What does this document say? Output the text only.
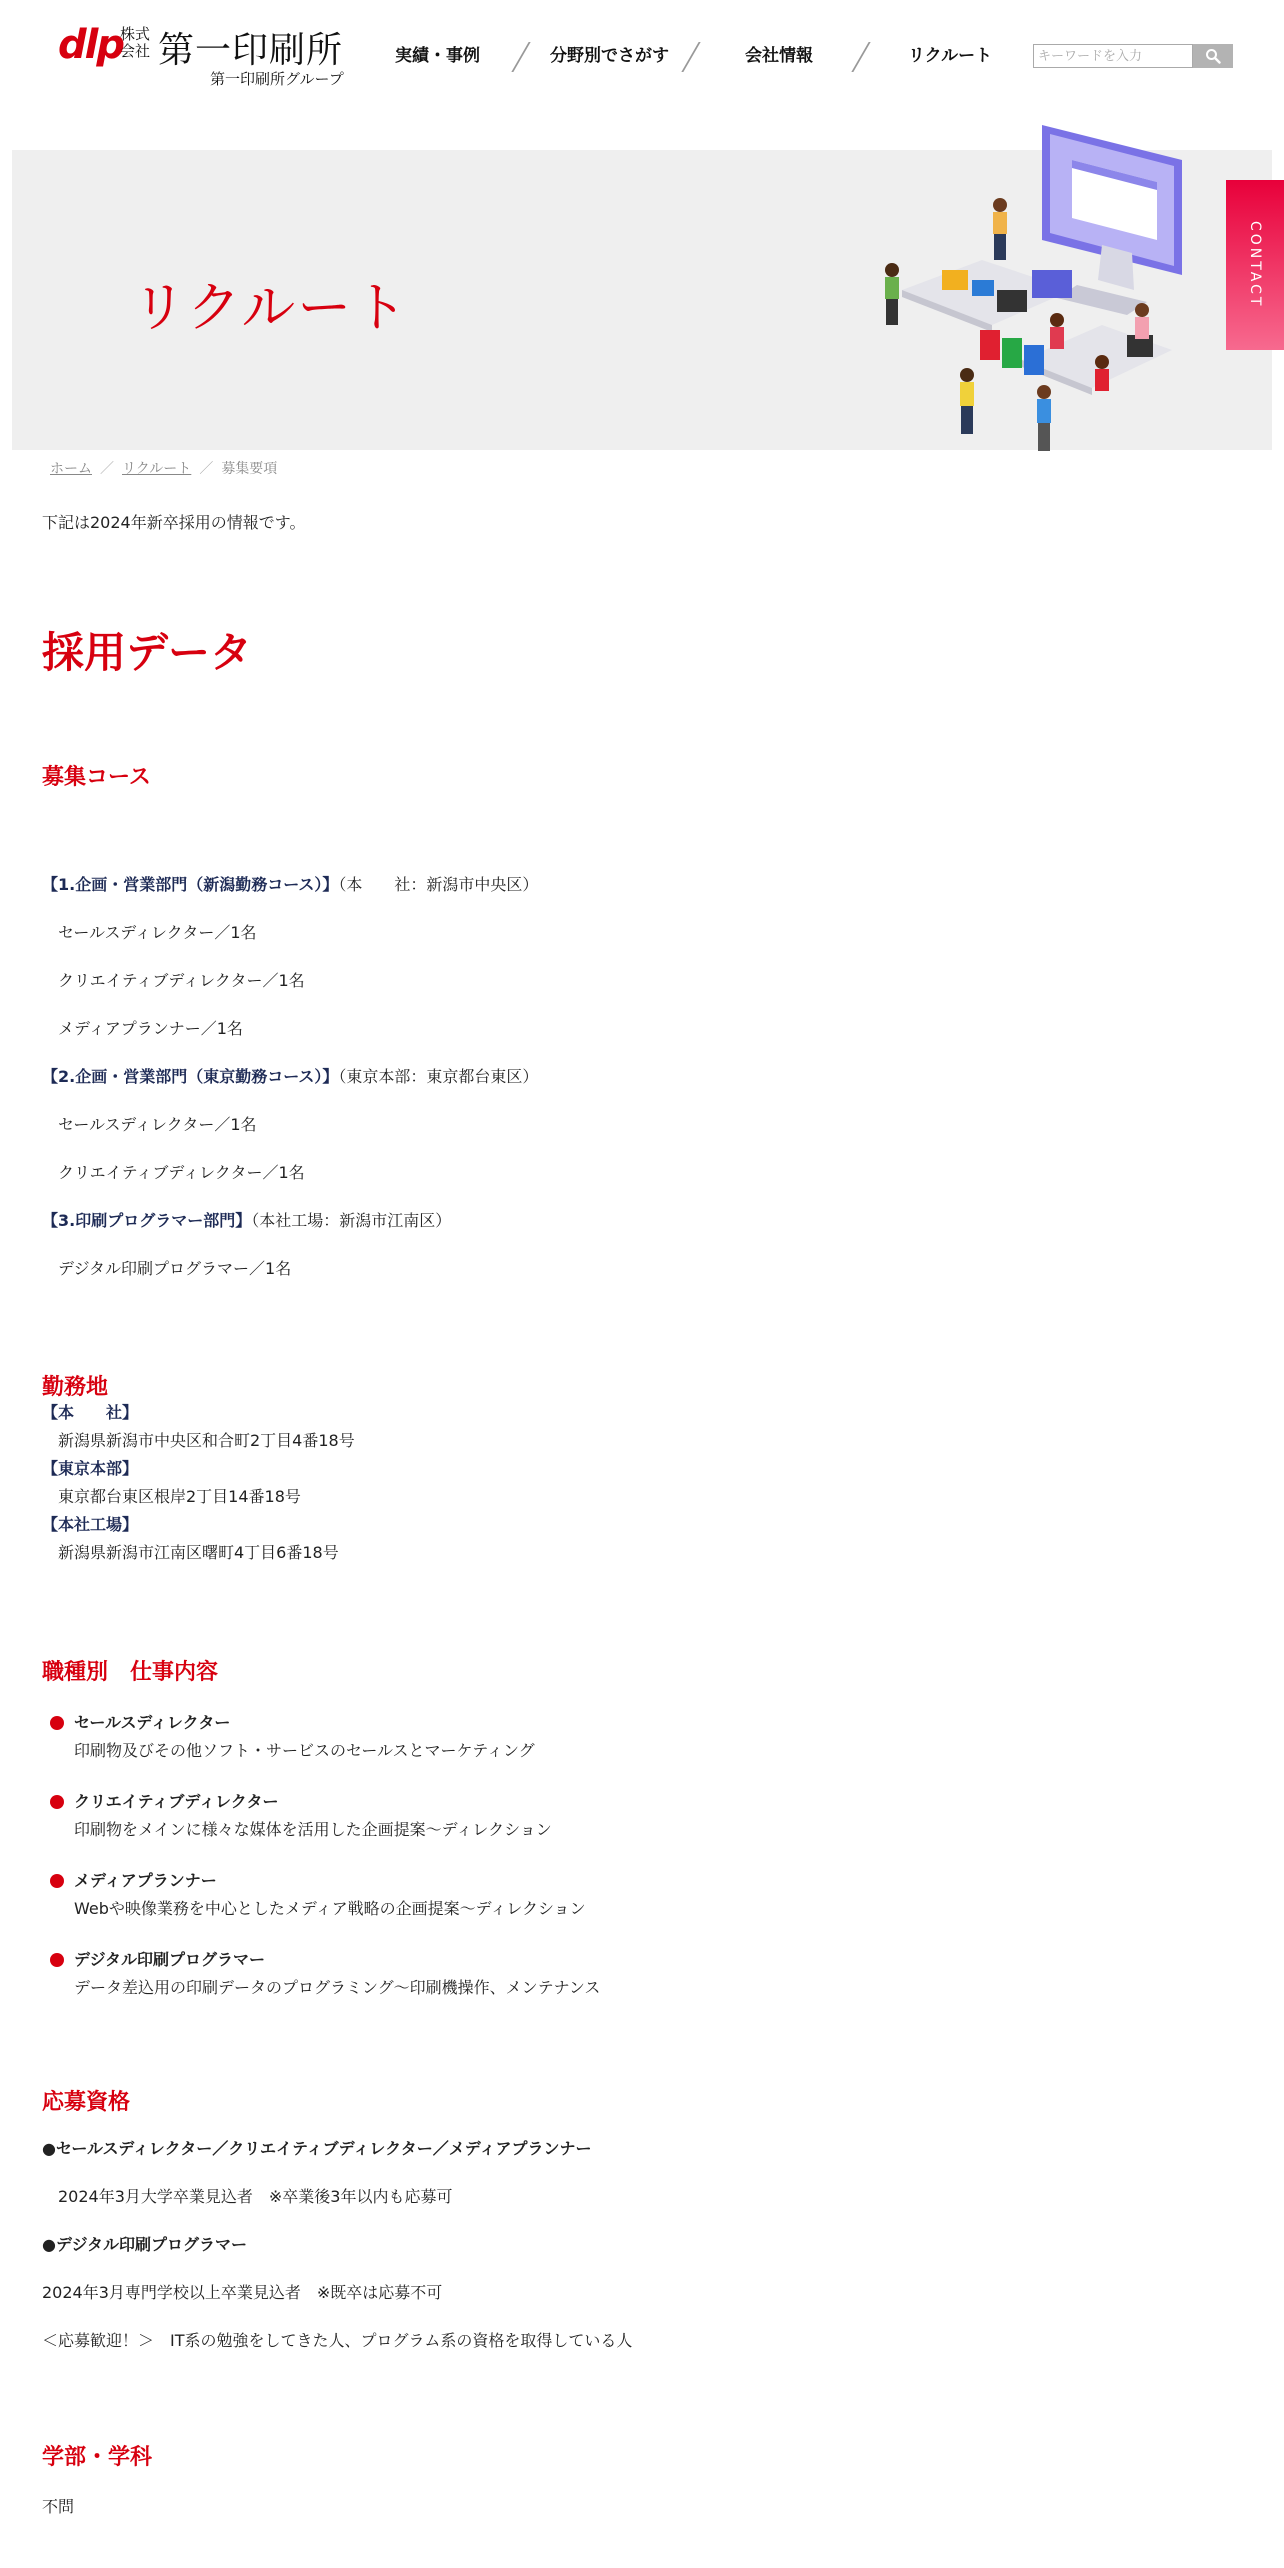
dlp
株式会社 第一印刷所
第一印刷所グループ
実績・事例	分野別でさがす	会社情報	リクルート
キーワードを入力
リクルート	CONTACT
ホーム ／ リクルート ／ 募集要項
下記は2024年新卒採用の情報です。
採用データ
募集コース
【1.企画・営業部門（新潟勤務コース）】（本　　社：新潟市中央区）
セールスディレクター／1名
クリエイティブディレクター／1名
メディアプランナー／1名
【2.企画・営業部門（東京勤務コース）】（東京本部：東京都台東区）
セールスディレクター／1名
クリエイティブディレクター／1名
【3.印刷プログラマー部門】（本社工場：新潟市江南区）
デジタル印刷プログラマー／1名
勤務地
【本　　社】
新潟県新潟市中央区和合町2丁目4番18号
【東京本部】
東京都台東区根岸2丁目14番18号
【本社工場】
新潟県新潟市江南区曙町4丁目6番18号
職種別　仕事内容
セールスディレクター
印刷物及びその他ソフト・サービスのセールスとマーケティング
クリエイティブディレクター
印刷物をメインに様々な媒体を活用した企画提案〜ディレクション
メディアプランナー
Webや映像業務を中心としたメディア戦略の企画提案〜ディレクション
デジタル印刷プログラマー
データ差込用の印刷データのプログラミング〜印刷機操作、メンテナンス
応募資格
●セールスディレクター／クリエイティブディレクター／メディアプランナー
2024年3月大学卒業見込者　※卒業後3年以内も応募可
●デジタル印刷プログラマー
2024年3月専門学校以上卒業見込者　※既卒は応募不可
＜応募歓迎！＞　IT系の勉強をしてきた人、プログラム系の資格を取得している人
学部・学科
不問
